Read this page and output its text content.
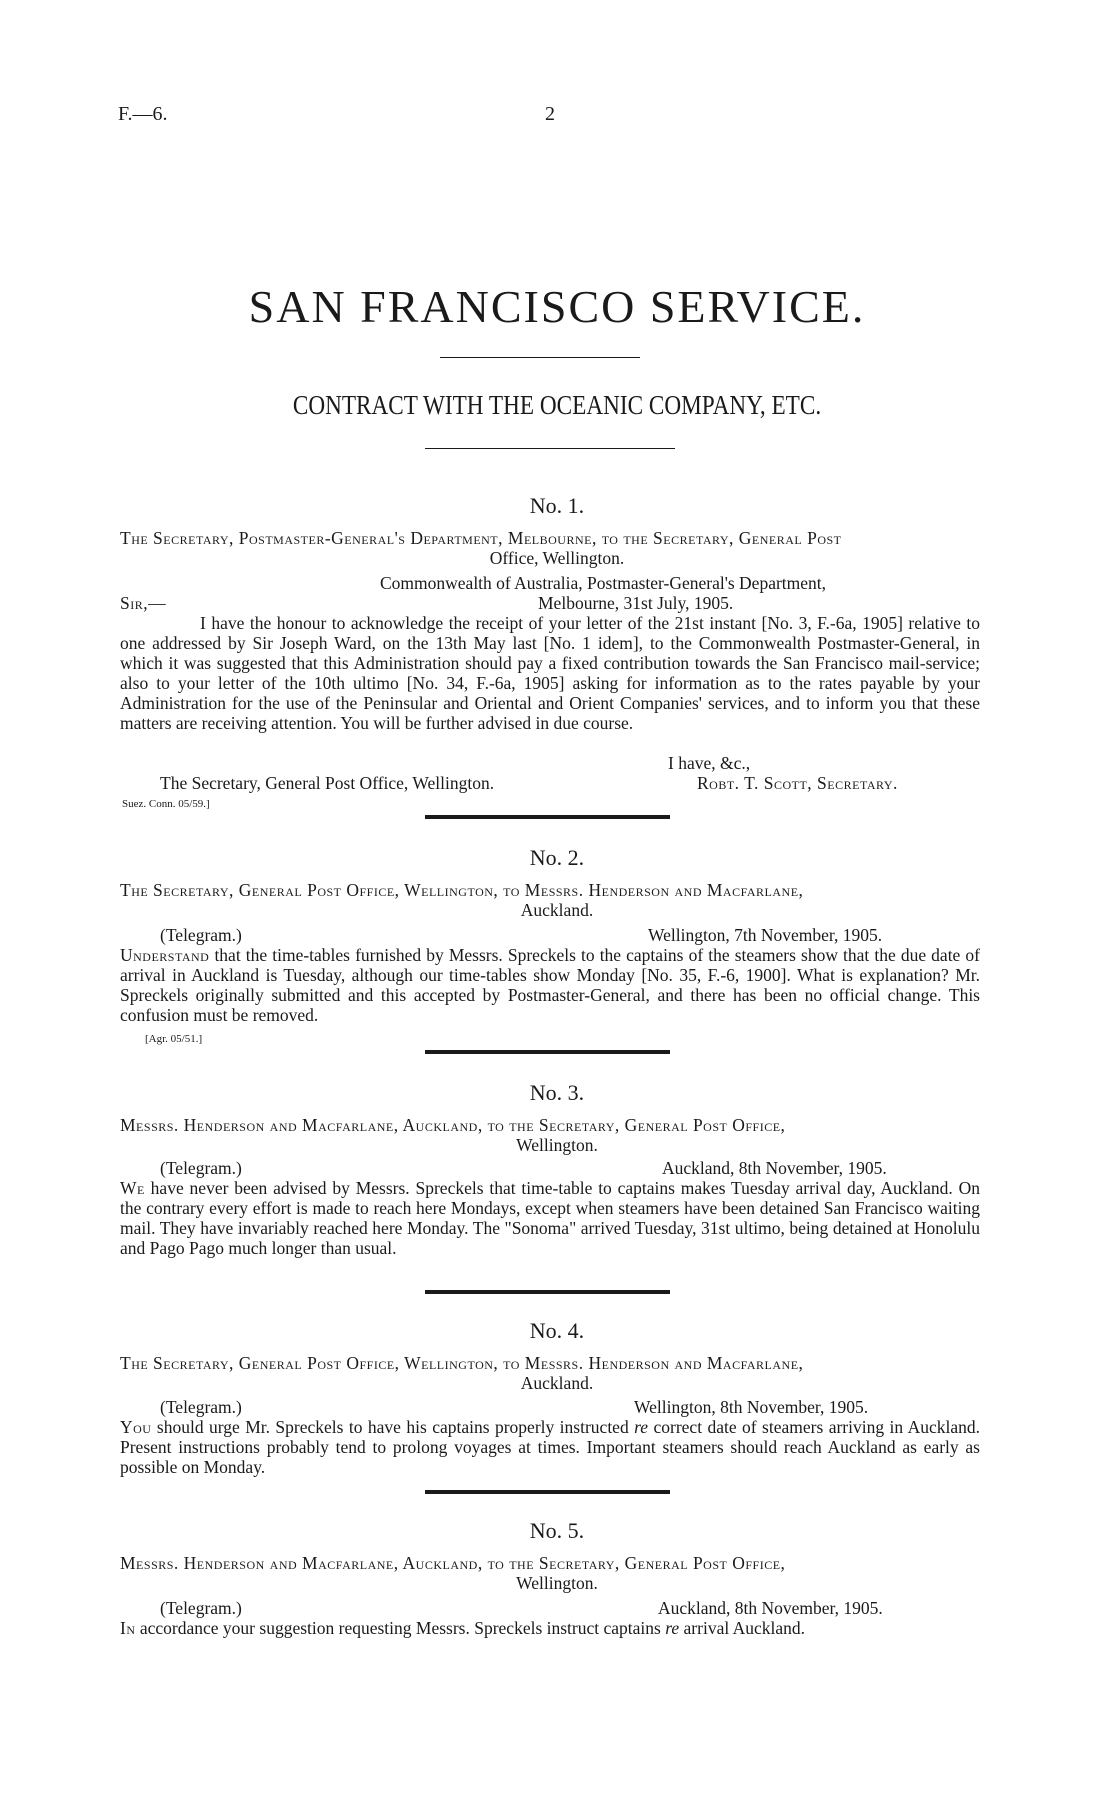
F.—6.	2
SAN FRANCISCO SERVICE.
CONTRACT WITH THE OCEANIC COMPANY, ETC.
No. 1.
The Secretary, Postmaster-General's Department, Melbourne, to the Secretary, General Post
Office, Wellington.
Commonwealth of Australia, Postmaster-General's Department,
Sir,—	Melbourne, 31st July, 1905.
I have the honour to acknowledge the receipt of your letter of the 21st instant [No. 3, F.-6a, 1905] relative to one addressed by Sir Joseph Ward, on the 13th May last [No. 1 idem], to the Commonwealth Postmaster-General, in which it was suggested that this Administration should pay a fixed contribution towards the San Francisco mail-service; also to your letter of the 10th ultimo [No. 34, F.-6a, 1905] asking for information as to the rates payable by your Administration for the use of the Peninsular and Oriental and Orient Companies' services, and to inform you that these matters are receiving attention. You will be further advised in due course.
I have, &c.,
The Secretary, General Post Office, Wellington.	Robt. T. Scott, Secretary.
Suez. Conn. 05/59.]
No. 2.
The Secretary, General Post Office, Wellington, to Messrs. Henderson and Macfarlane,
Auckland.
(Telegram.)	Wellington, 7th November, 1905.
Understand that the time-tables furnished by Messrs. Spreckels to the captains of the steamers show that the due date of arrival in Auckland is Tuesday, although our time-tables show Monday [No. 35, F.-6, 1900]. What is explanation? Mr. Spreckels originally submitted and this accepted by Postmaster-General, and there has been no official change. This confusion must be removed.
[Agr. 05/51.]
No. 3.
Messrs. Henderson and Macfarlane, Auckland, to the Secretary, General Post Office,
Wellington.
(Telegram.)	Auckland, 8th November, 1905.
We have never been advised by Messrs. Spreckels that time-table to captains makes Tuesday arrival day, Auckland. On the contrary every effort is made to reach here Mondays, except when steamers have been detained San Francisco waiting mail. They have invariably reached here Monday. The "Sonoma" arrived Tuesday, 31st ultimo, being detained at Honolulu and Pago Pago much longer than usual.
No. 4.
The Secretary, General Post Office, Wellington, to Messrs. Henderson and Macfarlane,
Auckland.
(Telegram.)	Wellington, 8th November, 1905.
You should urge Mr. Spreckels to have his captains properly instructed re correct date of steamers arriving in Auckland. Present instructions probably tend to prolong voyages at times. Important steamers should reach Auckland as early as possible on Monday.
No. 5.
Messrs. Henderson and Macfarlane, Auckland, to the Secretary, General Post Office,
Wellington.
(Telegram.)	Auckland, 8th November, 1905.
In accordance your suggestion requesting Messrs. Spreckels instruct captains re arrival Auckland.
